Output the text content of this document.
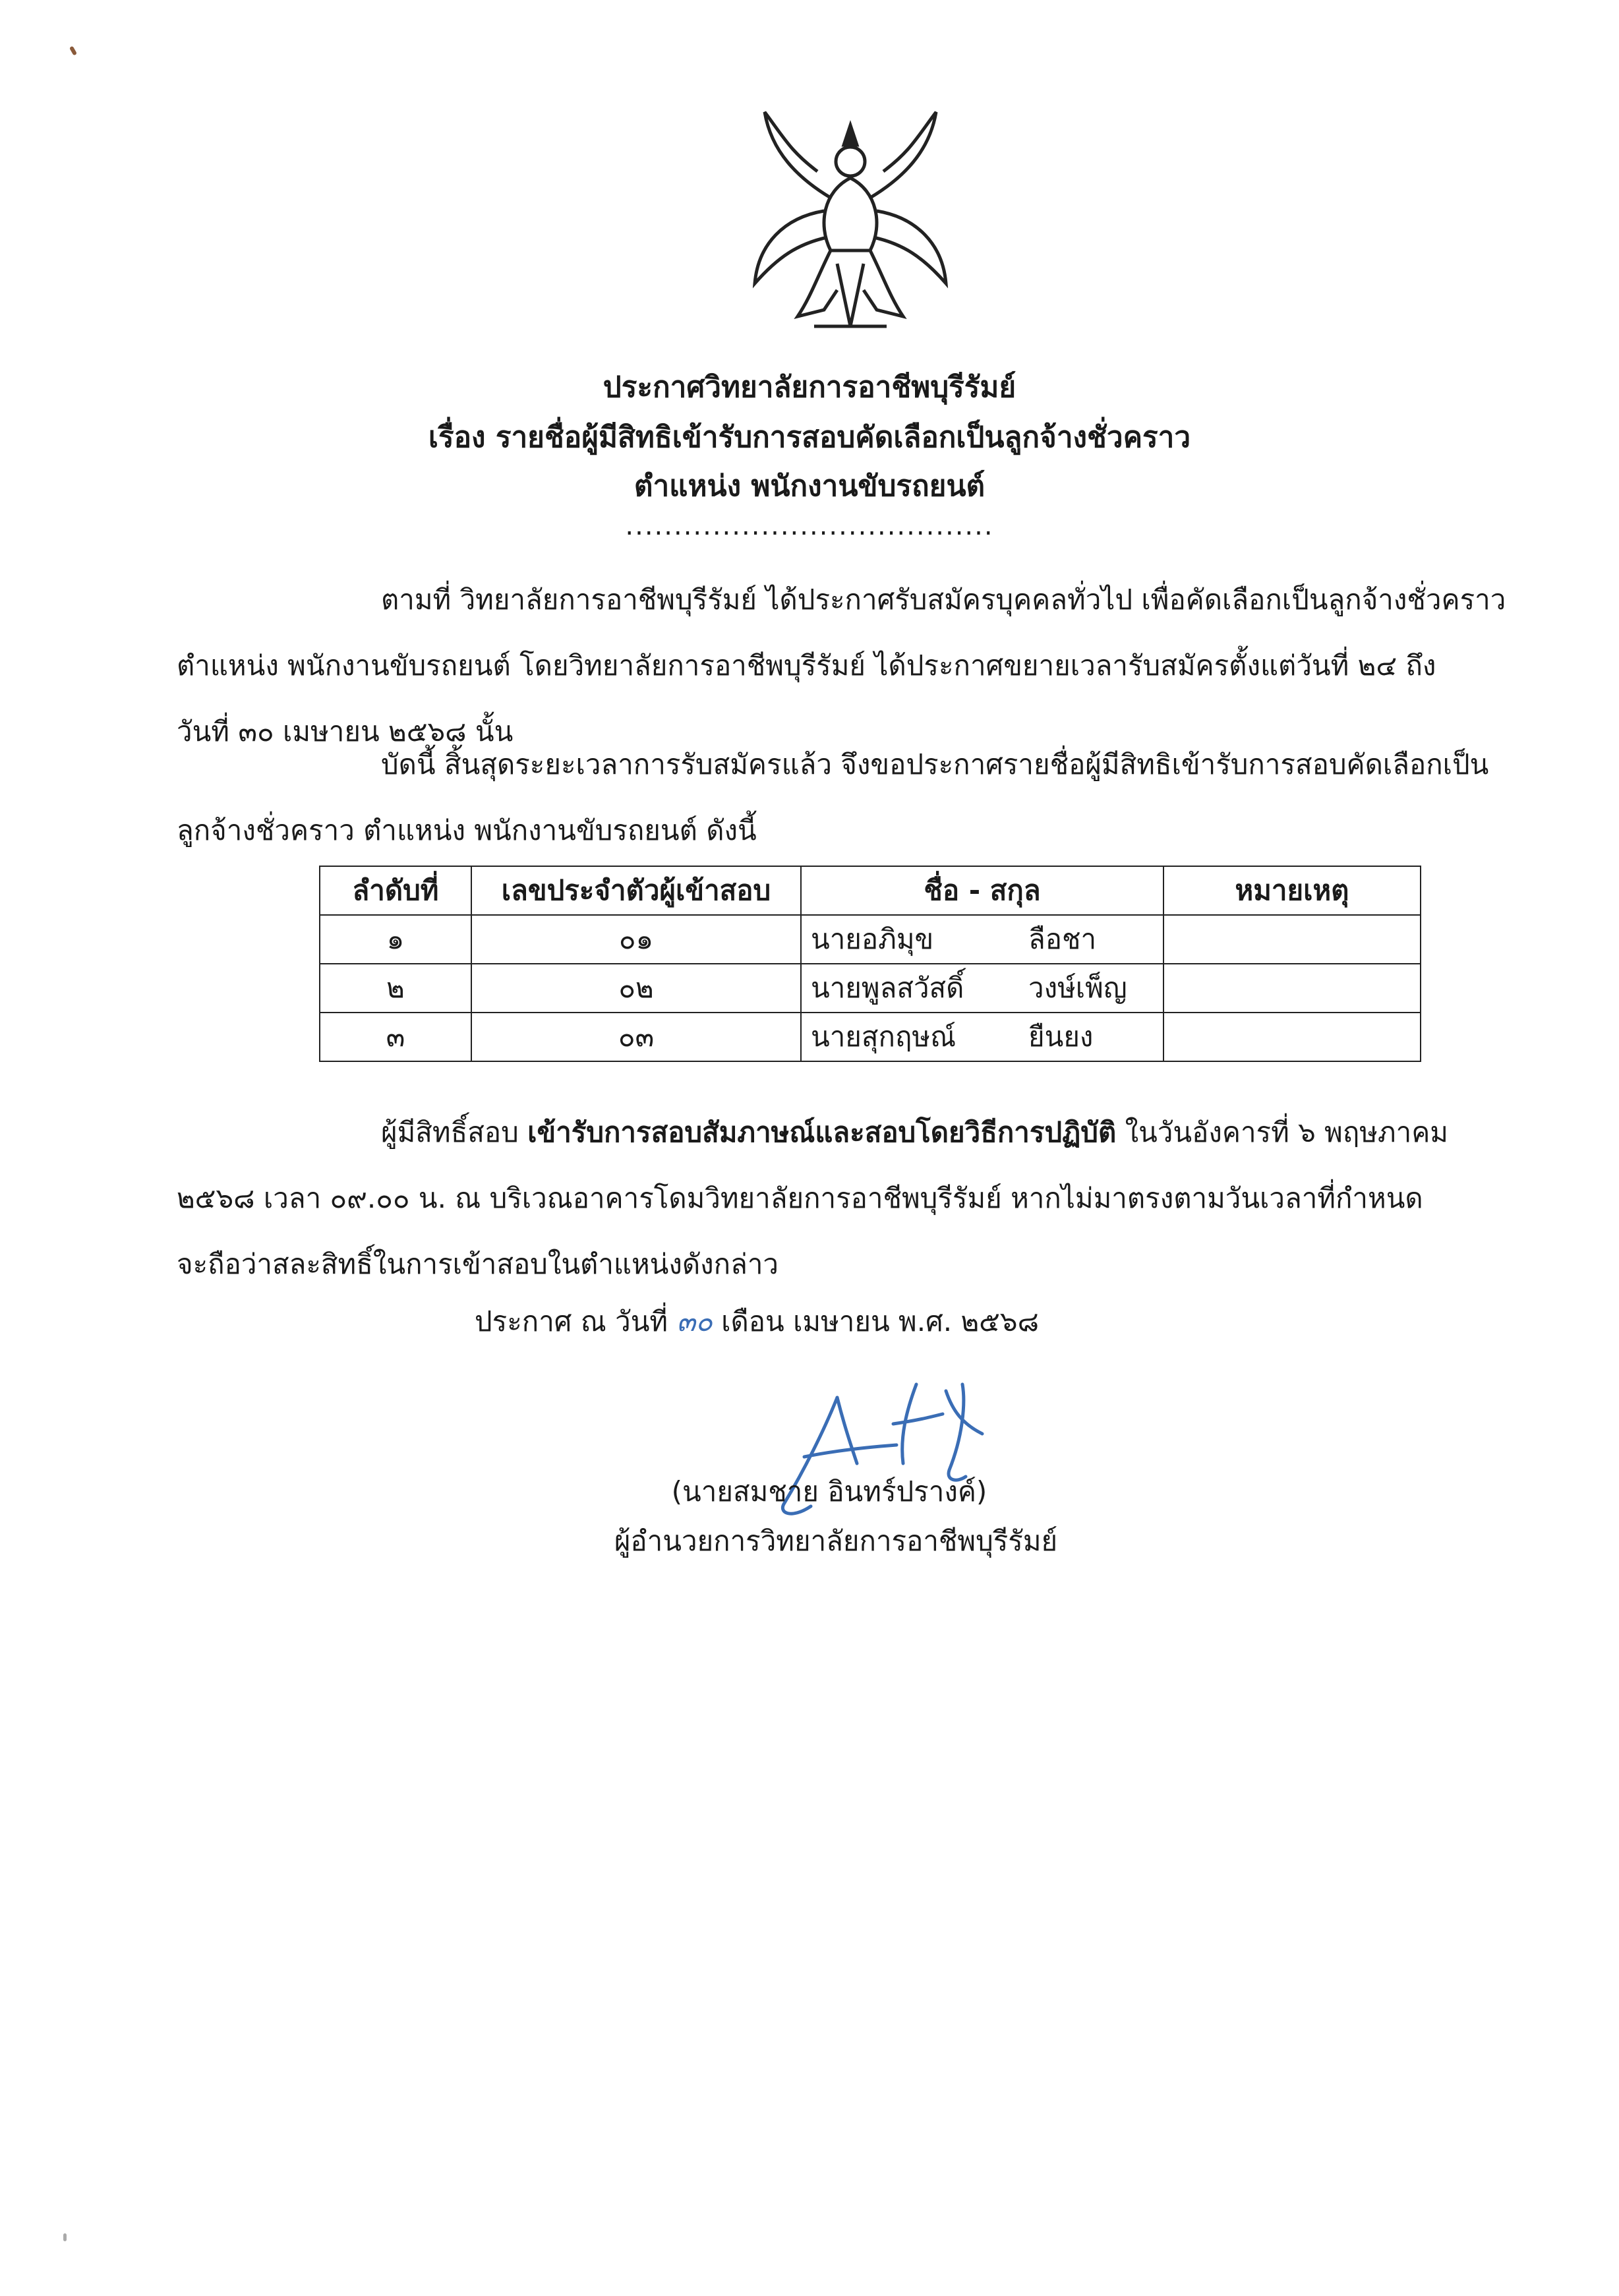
ประกาศวิทยาลัยการอาชีพบุรีรัมย์
เรื่อง รายชื่อผู้มีสิทธิเข้ารับการสอบคัดเลือกเป็นลูกจ้างชั่วคราว
ตำแหน่ง พนักงานขับรถยนต์
......................................
ตามที่ วิทยาลัยการอาชีพบุรีรัมย์ ได้ประกาศรับสมัครบุคคลทั่วไป เพื่อคัดเลือกเป็นลูกจ้างชั่วคราว
ตำแหน่ง พนักงานขับรถยนต์ โดยวิทยาลัยการอาชีพบุรีรัมย์ ได้ประกาศขยายเวลารับสมัครตั้งแต่วันที่ ๒๔ ถึง
วันที่ ๓๐ เมษายน ๒๕๖๘ นั้น
บัดนี้ สิ้นสุดระยะเวลาการรับสมัครแล้ว จึงขอประกาศรายชื่อผู้มีสิทธิเข้ารับการสอบคัดเลือกเป็น
ลูกจ้างชั่วคราว ตำแหน่ง พนักงานขับรถยนต์ ดังนี้
ลำดับที่	เลขประจำตัวผู้เข้าสอบ	ชื่อ - สกุล	หมายเหตุ
๑	๐๑	นายอภิมุข ลือชา	
๒	๐๒	นายพูลสวัสดิ์ วงษ์เพ็ญ	
๓	๐๓	นายสุกฤษณ์ ยืนยง	
ผู้มีสิทธิ์สอบ เข้ารับการสอบสัมภาษณ์และสอบโดยวิธีการปฏิบัติ ในวันอังคารที่ ๖ พฤษภาคม
๒๕๖๘ เวลา ๐๙.๐๐ น. ณ บริเวณอาคารโดมวิทยาลัยการอาชีพบุรีรัมย์ หากไม่มาตรงตามวันเวลาที่กำหนด
จะถือว่าสละสิทธิ์ในการเข้าสอบในตำแหน่งดังกล่าว
ประกาศ ณ วันที่ ๓๐ เดือน เมษายน พ.ศ. ๒๕๖๘
(นายสมชาย อินทร์ปรางค์)
ผู้อำนวยการวิทยาลัยการอาชีพบุรีรัมย์
